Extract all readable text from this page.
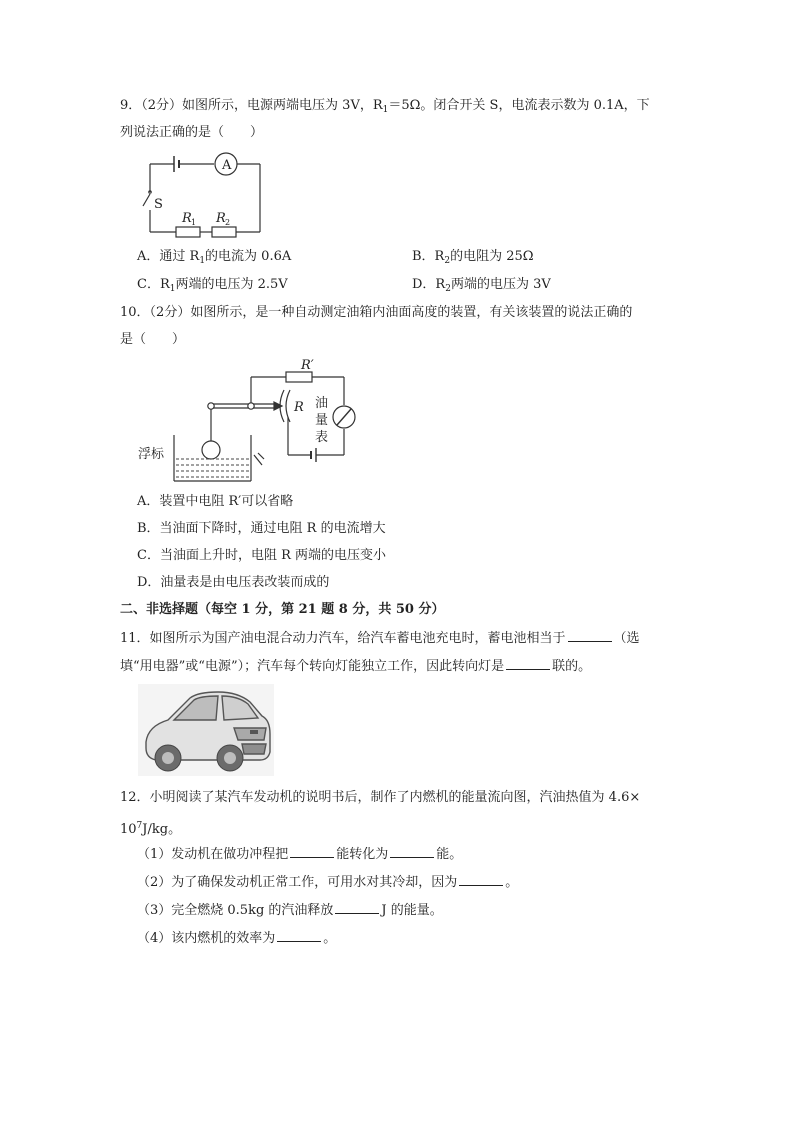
9．（2分）如图所示，电源两端电压为 3V，$R_1=5\Omega$。闭合开关 S，电流表示数为 0.1A，下
列说法正确的是（　　）
A
S
R 1 R 2
A．通过 $R_1$的电流为 0.6A	B．$R_2$的电阻为 25Ω
C．$R_1$两端的电压为 2.5V	D．$R_2$两端的电压为 3V
10．（2分）如图所示，是一种自动测定油箱内油面高度的装置，有关该装置的说法正确的
是（　　）
R′
R 油
量
表
浮标
A．装置中电阻 R′可以省略
B．当油面下降时，通过电阻 R 的电流增大
C．当油面上升时，电阻 R 两端的电压变小
D．油量表是由电压表改装而成的
二、非选择题（每空 1 分，第 21 题 8 分，共 50 分）
11．如图所示为国产油电混合动力汽车，给汽车蓄电池充电时，蓄电池相当于	（选
填“用电器”或“电源”）；汽车每个转向灯能独立工作，因此转向灯是	联的。
12．小明阅读了某汽车发动机的说明书后，制作了内燃机的能量流向图，汽油热值为 4.6×
$10^7J/kg$。
（1）发动机在做功冲程把	能转化为	能。
（2）为了确保发动机正常工作，可用水对其冷却，因为	。
（3）完全燃烧 0.5kg 的汽油释放	J 的能量。
（4）该内燃机的效率为	。
